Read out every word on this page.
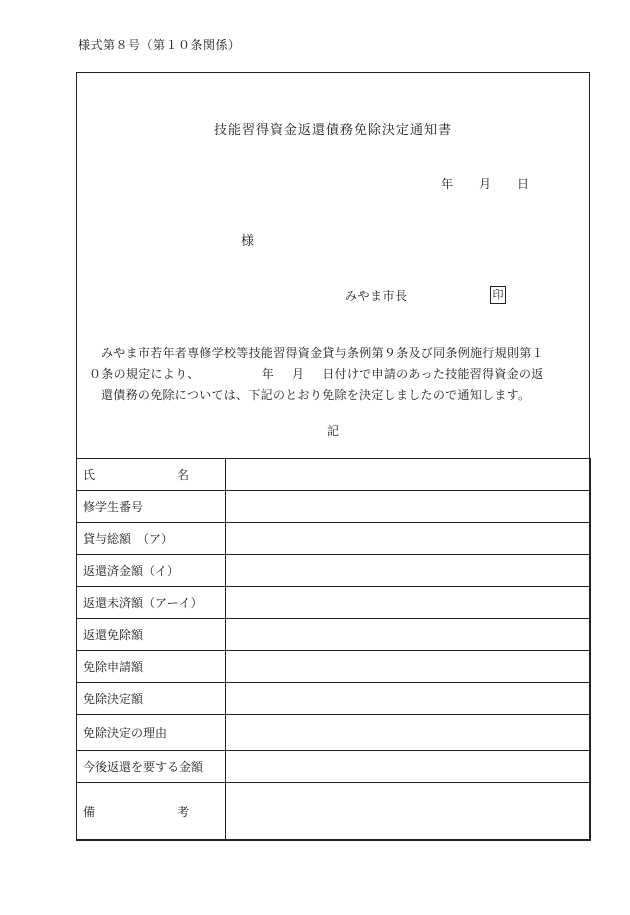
様式第８号（第１０条関係）
技能習得資金返還債務免除決定通知書
年 月 日
様
みやま市長	印

みやま市若年者専修学校等技能習得資金貸与条例第９条及び同条例施行規則第１

０条の規定により、	年 月 日付けで申請のあった技能習得資金の返

還債務の免除については、下記のとおり免除を決定しましたので通知します。

記
氏 名	

修学生番号	
貸与総額　（ア）	
返還済金額（イ）	
返還未済額（アーイ）	
返還免除額	
免除申請額	
免除決定額	
免除決定の理由	
今後返還を要する金額	

備 考	
